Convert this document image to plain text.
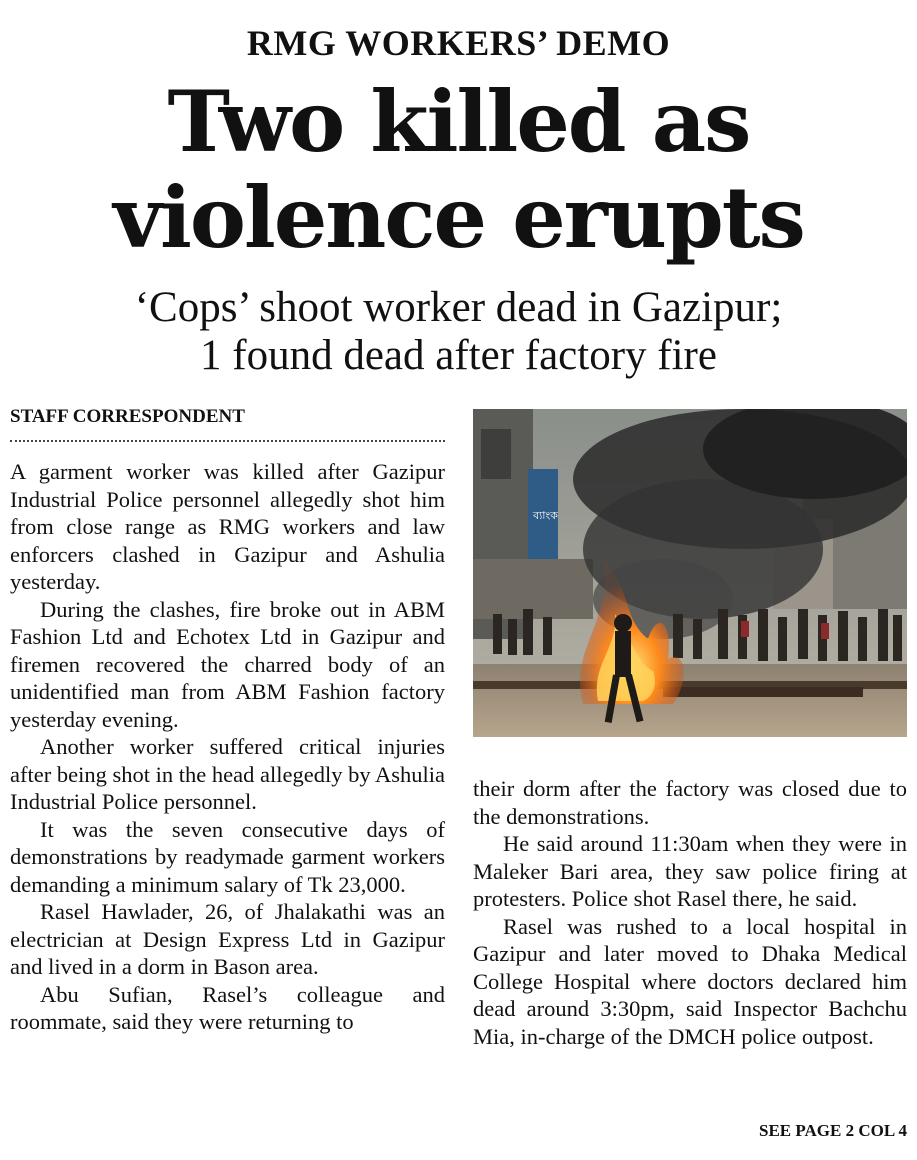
RMG WORKERS’ DEMO
Two killed as
violence erupts
‘Cops’ shoot worker dead in Gazipur;
1 found dead after factory fire
STAFF CORRESPONDENT

A garment worker was killed after Gazipur Industrial Police personnel allegedly shot him from close range as RMG workers and law enforcers clashed in Gazipur and Ashulia yesterday.

During the clashes, fire broke out in ABM Fashion Ltd and Echotex Ltd in Gazipur and firemen recovered the charred body of an unidentified man from ABM Fashion factory yesterday evening.

Another worker suffered critical injuries after being shot in the head allegedly by Ashulia Industrial Police personnel.

It was the seven consecutive days of demonstrations by readymade garment workers demanding a minimum salary of Tk 23,000.

Rasel Hawlader, 26, of Jhalakathi was an electrician at Design Express Ltd in Gazipur and lived in a dorm in Bason area.

Abu Sufian, Rasel’s colleague and roommate, said they were returning to

ব্যাংক

their dorm after the factory was closed due to the demonstrations.

He said around 11:30am when they were in Maleker Bari area, they saw police firing at protesters. Police shot Rasel there, he said.

Rasel was rushed to a local hospital in Gazipur and later moved to Dhaka Medical College Hospital where doctors declared him dead around 3:30pm, said Inspector Bachchu Mia, in-charge of the DMCH police outpost.

SEE PAGE 2 COL 4
